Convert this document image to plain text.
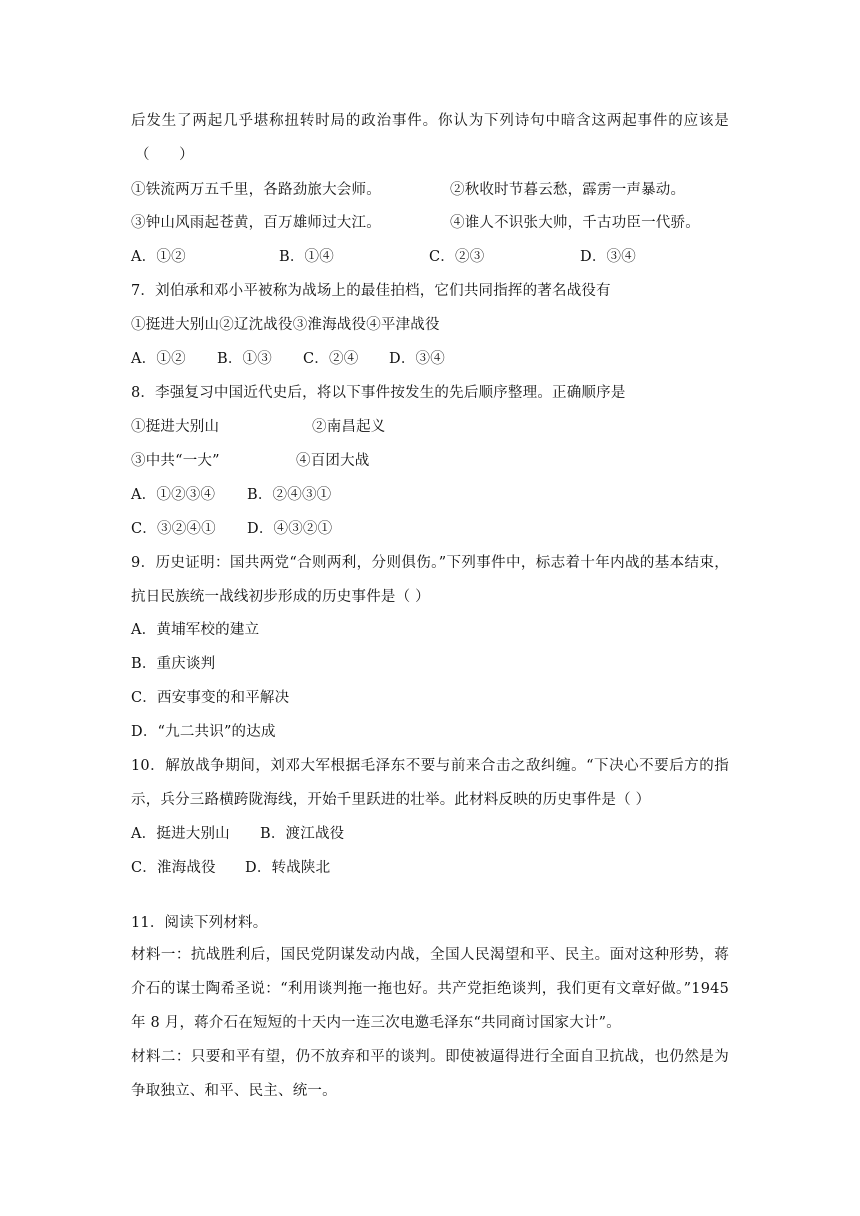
后发生了两起几乎堪称扭转时局的政治事件。你认为下列诗句中暗含这两起事件的应该是
（　　）
①铁流两万五千里，各路劲旅大会师。	②秋收时节暮云愁，霹雳一声暴动。
③钟山风雨起苍黄，百万雄师过大江。	④谁人不识张大帅，千古功臣一代骄。
A．①②	B．①④	C．②③	D．③④
7．刘伯承和邓小平被称为战场上的最佳拍档，它们共同指挥的著名战役有
①挺进大别山②辽沈战役③淮海战役④平津战役
A．①② B．①③ C．②④ D．③④
8．李强复习中国近代史后，将以下事件按发生的先后顺序整理。正确顺序是
①挺进大别山	②南昌起义
③中共“一大”	④百团大战
A．①②③④ B．②④③①
C．③②④① D．④③②①
9．历史证明：国共两党“合则两利，分则俱伤。”下列事件中，标志着十年内战的基本结束，
抗日民族统一战线初步形成的历史事件是（ ）
A．黄埔军校的建立
B．重庆谈判
C．西安事变的和平解决
D．“九二共识”的达成
10．解放战争期间，刘邓大军根据毛泽东不要与前来合击之敌纠缠。“下决心不要后方的指
示，兵分三路横跨陇海线，开始千里跃进的壮举。此材料反映的历史事件是（ ）
A．挺进大别山 B．渡江战役
C．淮海战役 D．转战陕北
11．阅读下列材料。
材料一：抗战胜利后，国民党阴谋发动内战，全国人民渴望和平、民主。面对这种形势，蒋
介石的谋士陶希圣说：“利用谈判拖一拖也好。共产党拒绝谈判，我们更有文章好做。”1945
年 8 月，蒋介石在短短的十天内一连三次电邀毛泽东“共同商讨国家大计”。
材料二：只要和平有望，仍不放弃和平的谈判。即使被逼得进行全面自卫抗战，也仍然是为
争取独立、和平、民主、统一。
